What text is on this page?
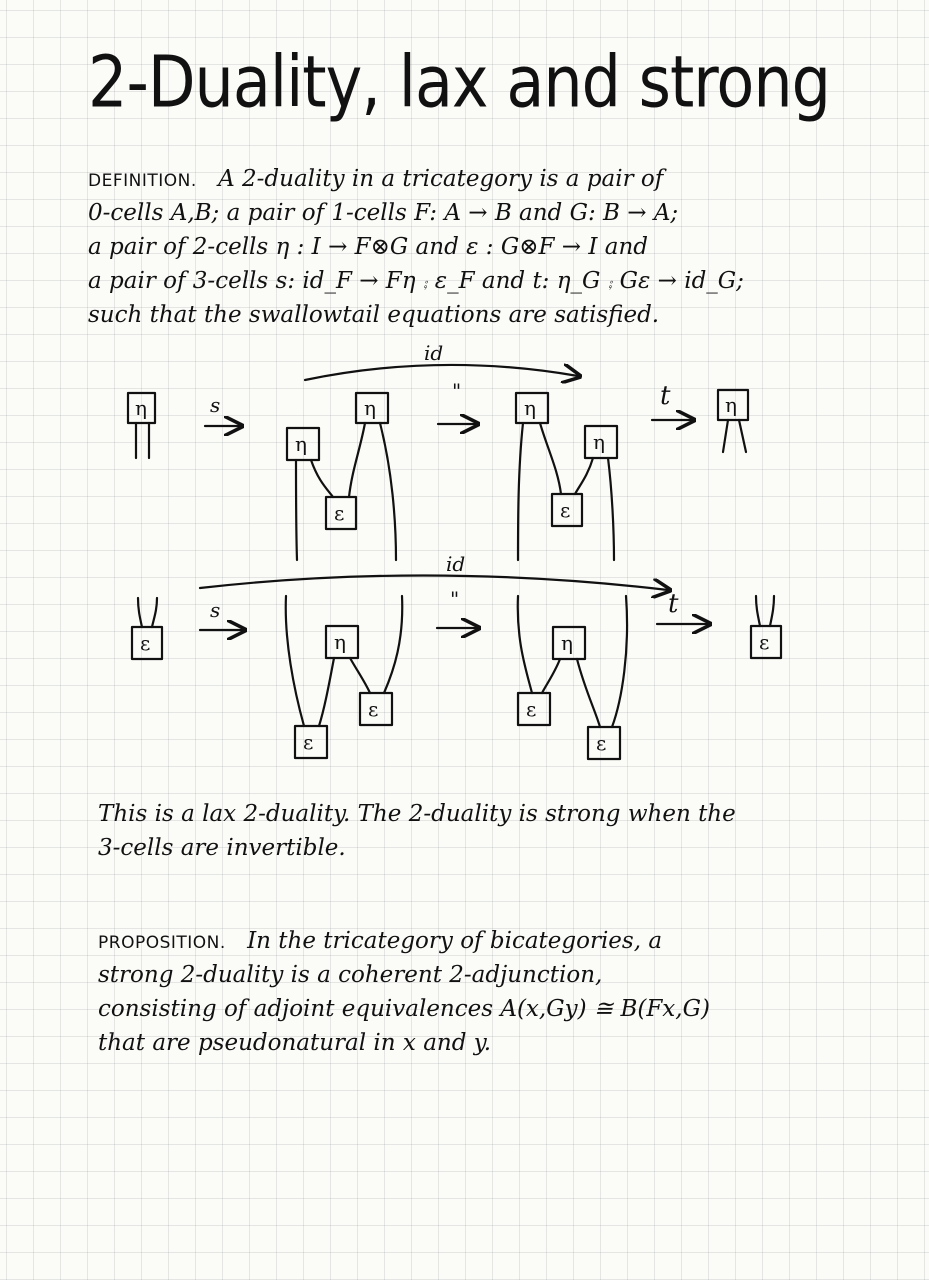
2-Duality, lax and strong
DEFINITION. A 2-duality in a tricategory is a pair of
0-cells A,B; a pair of 1-cells F: A → B and G: B → A;
a pair of 2-cells η : I → F⊗G and ε : G⊗F → I and
a pair of 3-cells s: id_F → Fη ⨾ ε_F and t: η_G ⨾ Gε → id_G;
such that the swallowtail equations are satisfied.
id
η	s	η
η
ε
"
η
η
ε
t	η
id
ε
s
η
ε
ε
"
η
ε
ε
t
ε
This is a lax 2-duality. The 2-duality is strong when the
3-cells are invertible.
PROPOSITION. In the tricategory of bicategories, a
strong 2-duality is a coherent 2-adjunction,
consisting of adjoint equivalences A(x,Gy) ≅ B(Fx,G)
that are pseudonatural in x and y.
